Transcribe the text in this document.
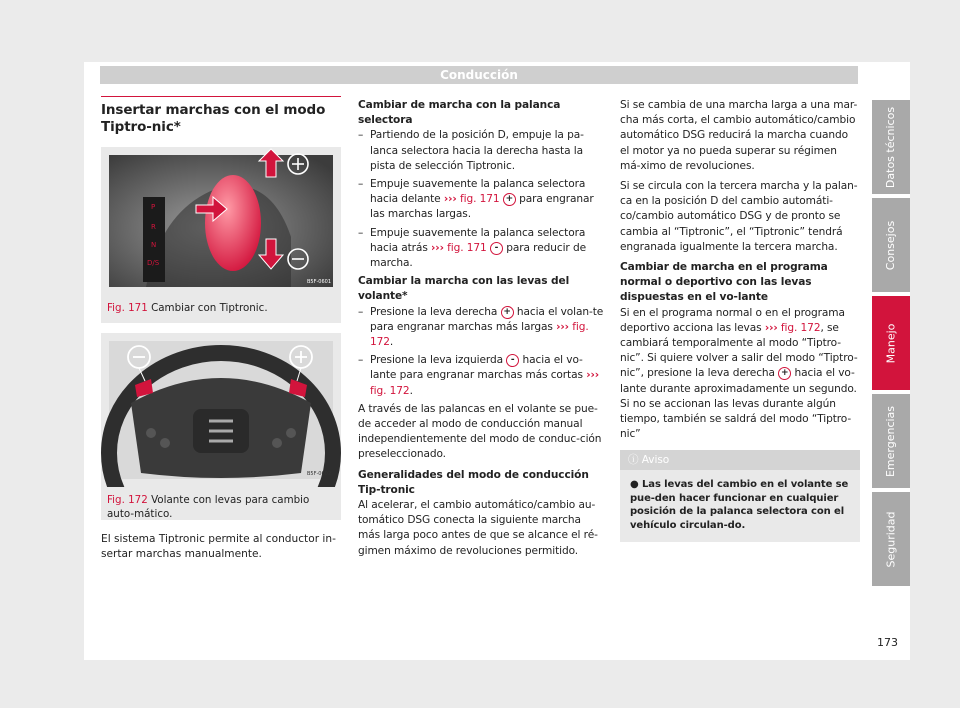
Conducción
Insertar marchas con el modo Tiptro-nic*
P
R
N
D/S
B5F-0601
Fig. 171 Cambiar con Tiptronic.
B5F-0602
Fig. 172 Volante con levas para cambio auto-mático.
El sistema Tiptronic permite al conductor in-sertar marchas manualmente.
Cambiar de marcha con la palanca selectora
– Partiendo de la posición D, empuje la pa-lanca selectora hacia la derecha hasta la pista de selección Tiptronic.
– Empuje suavemente la palanca selectora hacia delante ››› fig. 171 + para engranar las marchas largas.
– Empuje suavemente la palanca selectora hacia atrás ››› fig. 171 - para reducir de marcha.
Cambiar la marcha con las levas del volante*
– Presione la leva derecha + hacia el volan-te para engranar marchas más largas ››› fig. 172.
– Presione la leva izquierda - hacia el vo-lante para engranar marchas más cortas ››› fig. 172.

A través de las palancas en el volante se pue-de acceder al modo de conducción manual independientemente del modo de conduc-ción preseleccionado.

Generalidades del modo de conducción Tip-tronic

Al acelerar, el cambio automático/cambio au-tomático DSG conecta la siguiente marcha más larga poco antes de que se alcance el ré-gimen máximo de revoluciones permitido.

Si se cambia de una marcha larga a una mar-cha más corta, el cambio automático/cambio automático DSG reducirá la marcha cuando el motor ya no pueda superar su régimen má-ximo de revoluciones.

Si se circula con la tercera marcha y la palan-ca en la posición D del cambio automáti-co/cambio automático DSG y de pronto se cambia al “Tiptronic”, el “Tiptronic” tendrá engranada igualmente la tercera marcha.

Cambiar de marcha en el programa normal o deportivo con las levas dispuestas en el vo-lante

Si en el programa normal o en el programa deportivo acciona las levas ››› fig. 172, se cambiará temporalmente al modo “Tiptro-nic”. Si quiere volver a salir del modo “Tiptro-nic”, presione la leva derecha + hacia el vo-lante durante aproximadamente un segundo. Si no se accionan las levas durante algún tiempo, también se saldrá del modo “Tiptro-nic”

ⓘ Aviso
● Las levas del cambio en el volante se pue-den hacer funcionar en cualquier posición de la palanca selectora con el vehículo circulan-do.
Datos técnicos
Consejos
Manejo
Emergencias
Seguridad
173
